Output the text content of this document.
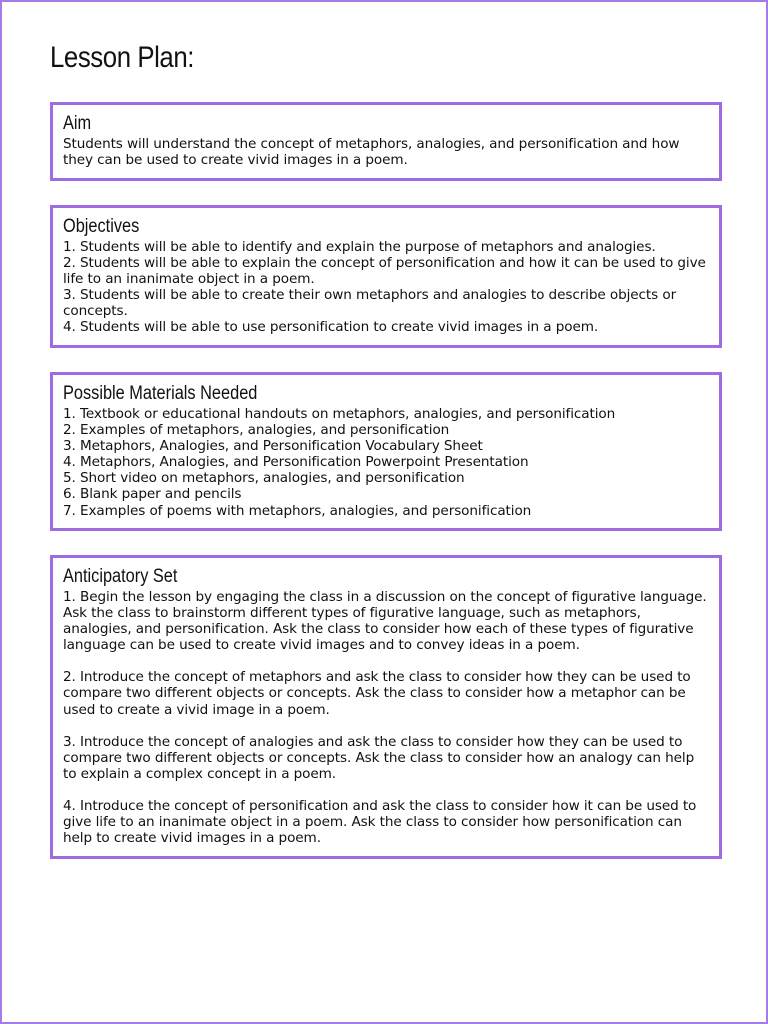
Lesson Plan:
Aim

Students will understand the concept of metaphors, analogies, and personification and how they can be used to create vivid images in a poem.

Objectives

1. Students will be able to identify and explain the purpose of metaphors and analogies.

2. Students will be able to explain the concept of personification and how it can be used to give life to an inanimate object in a poem.

3. Students will be able to create their own metaphors and analogies to describe objects or concepts.

4. Students will be able to use personification to create vivid images in a poem.

Possible Materials Needed

1. Textbook or educational handouts on metaphors, analogies, and personification

2. Examples of metaphors, analogies, and personification

3. Metaphors, Analogies, and Personification Vocabulary Sheet

4. Metaphors, Analogies, and Personification Powerpoint Presentation

5. Short video on metaphors, analogies, and personification

6. Blank paper and pencils

7. Examples of poems with metaphors, analogies, and personification

Anticipatory Set

1. Begin the lesson by engaging the class in a discussion on the concept of figurative language. Ask the class to brainstorm different types of figurative language, such as metaphors, analogies, and personification. Ask the class to consider how each of these types of figurative language can be used to create vivid images and to convey ideas in a poem.

2. Introduce the concept of metaphors and ask the class to consider how they can be used to compare two different objects or concepts. Ask the class to consider how a metaphor can be used to create a vivid image in a poem.

3. Introduce the concept of analogies and ask the class to consider how they can be used to compare two different objects or concepts. Ask the class to consider how an analogy can help to explain a complex concept in a poem.

4. Introduce the concept of personification and ask the class to consider how it can be used to give life to an inanimate object in a poem. Ask the class to consider how personification can help to create vivid images in a poem.
